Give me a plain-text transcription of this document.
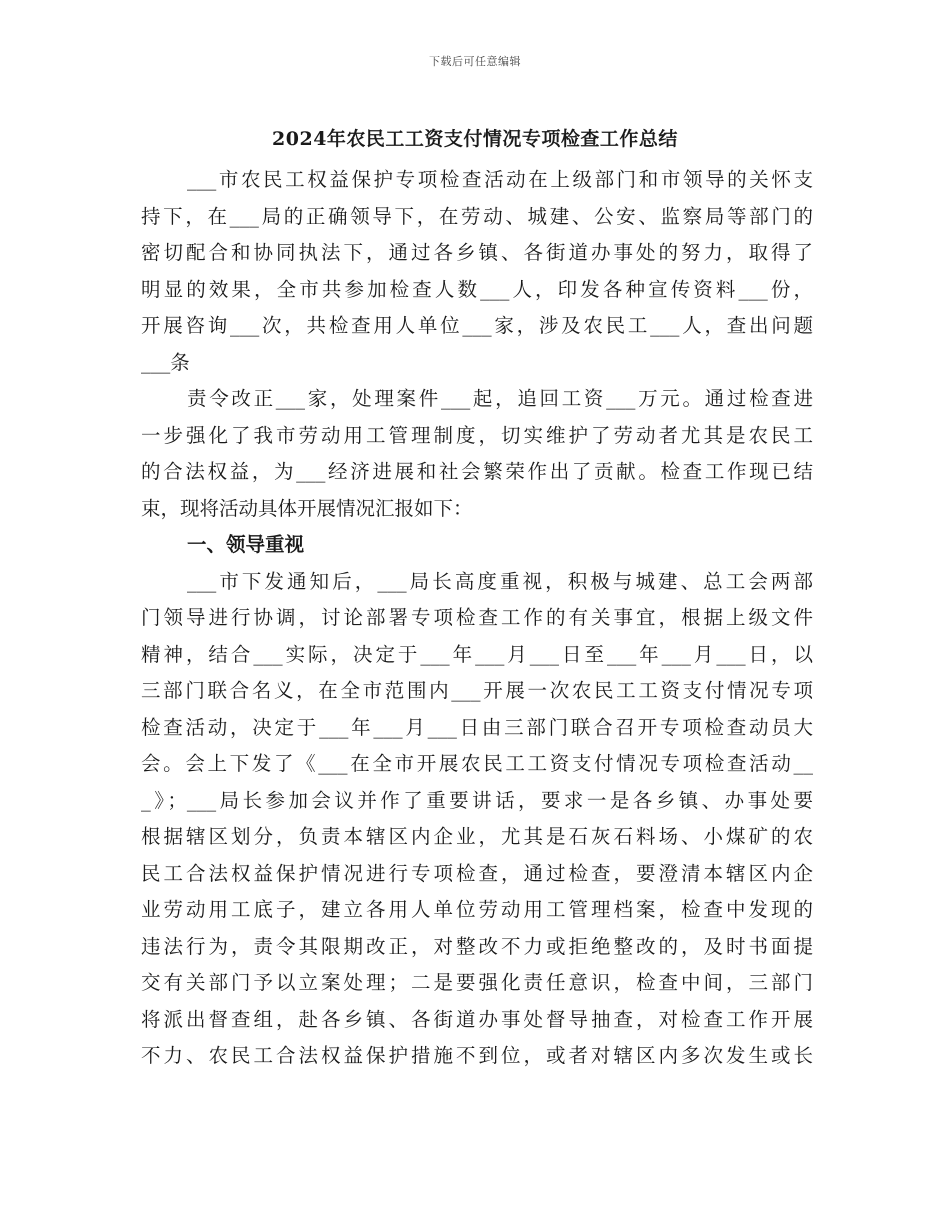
下载后可任意编辑
2024年农民工工资支付情况专项检查工作总结
___市农民工权益保护专项检查活动在上级部门和市领导的关怀支
持下，在___局的正确领导下，在劳动、城建、公安、监察局等部门的
密切配合和协同执法下，通过各乡镇、各街道办事处的努力，取得了
明显的效果，全市共参加检查人数___人，印发各种宣传资料___份，
开展咨询___次，共检查用人单位___家，涉及农民工___人，查出问题
___条
责令改正___家，处理案件___起，追回工资___万元。通过检查进
一步强化了我市劳动用工管理制度，切实维护了劳动者尤其是农民工
的合法权益，为___经济进展和社会繁荣作出了贡献。检查工作现已结
束，现将活动具体开展情况汇报如下：
一、领导重视
___市下发通知后，___局长高度重视，积极与城建、总工会两部
门领导进行协调，讨论部署专项检查工作的有关事宜，根据上级文件
精神，结合___实际，决定于___年___月___日至___年___月___日，以
三部门联合名义，在全市范围内___开展一次农民工工资支付情况专项
检查活动，决定于___年___月___日由三部门联合召开专项检查动员大
会。会上下发了《___在全市开展农民工工资支付情况专项检查活动__
_》；___局长参加会议并作了重要讲话，要求一是各乡镇、办事处要
根据辖区划分，负责本辖区内企业，尤其是石灰石料场、小煤矿的农
民工合法权益保护情况进行专项检查，通过检查，要澄清本辖区内企
业劳动用工底子，建立各用人单位劳动用工管理档案，检查中发现的
违法行为，责令其限期改正，对整改不力或拒绝整改的，及时书面提
交有关部门予以立案处理；二是要强化责任意识，检查中间，三部门
将派出督查组，赴各乡镇、各街道办事处督导抽查，对检查工作开展
不力、农民工合法权益保护措施不到位，或者对辖区内多次发生或长
